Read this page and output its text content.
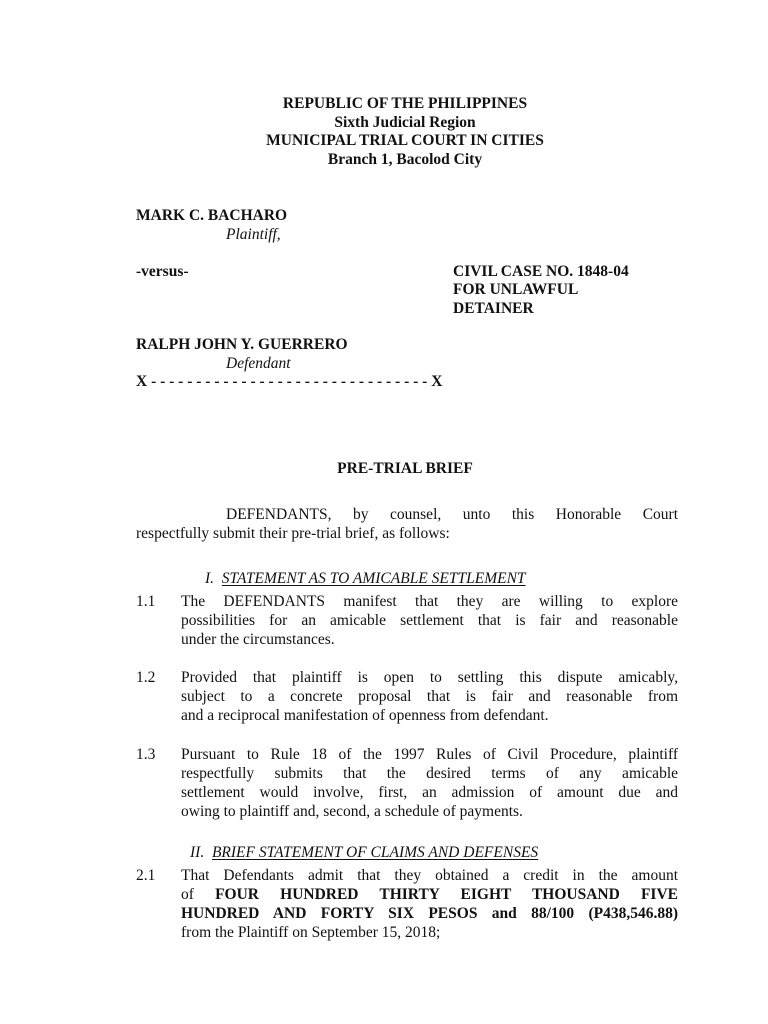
REPUBLIC OF THE PHILIPPINES
Sixth Judicial Region
MUNICIPAL TRIAL COURT IN CITIES
Branch 1, Bacolod City
MARK C. BACHARO
Plaintiff,
-versus-	CIVIL CASE NO. 1848-04
FOR UNLAWFUL
DETAINER
RALPH JOHN Y. GUERRERO
Defendant
X - - - - - - - - - - - - - - - - - - - - - - - - - - - - - - - X
PRE-TRIAL BRIEF
DEFENDANTS, by counsel, unto this Honorable Court
respectfully submit their pre-trial brief, as follows:
I. STATEMENT AS TO AMICABLE SETTLEMENT
1.1 The DEFENDANTS manifest that they are willing to explore
possibilities for an amicable settlement that is fair and reasonable
under the circumstances.
1.2 Provided that plaintiff is open to settling this dispute amicably,
subject to a concrete proposal that is fair and reasonable from
and a reciprocal manifestation of openness from defendant.
1.3 Pursuant to Rule 18 of the 1997 Rules of Civil Procedure, plaintiff
respectfully submits that the desired terms of any amicable
settlement would involve, first, an admission of amount due and
owing to plaintiff and, second, a schedule of payments.
II. BRIEF STATEMENT OF CLAIMS AND DEFENSES
2.1 That Defendants admit that they obtained a credit in the amount
of FOUR HUNDRED THIRTY EIGHT THOUSAND FIVE
HUNDRED AND FORTY SIX PESOS and 88/100 (P438,546.88)
from the Plaintiff on September 15, 2018;
